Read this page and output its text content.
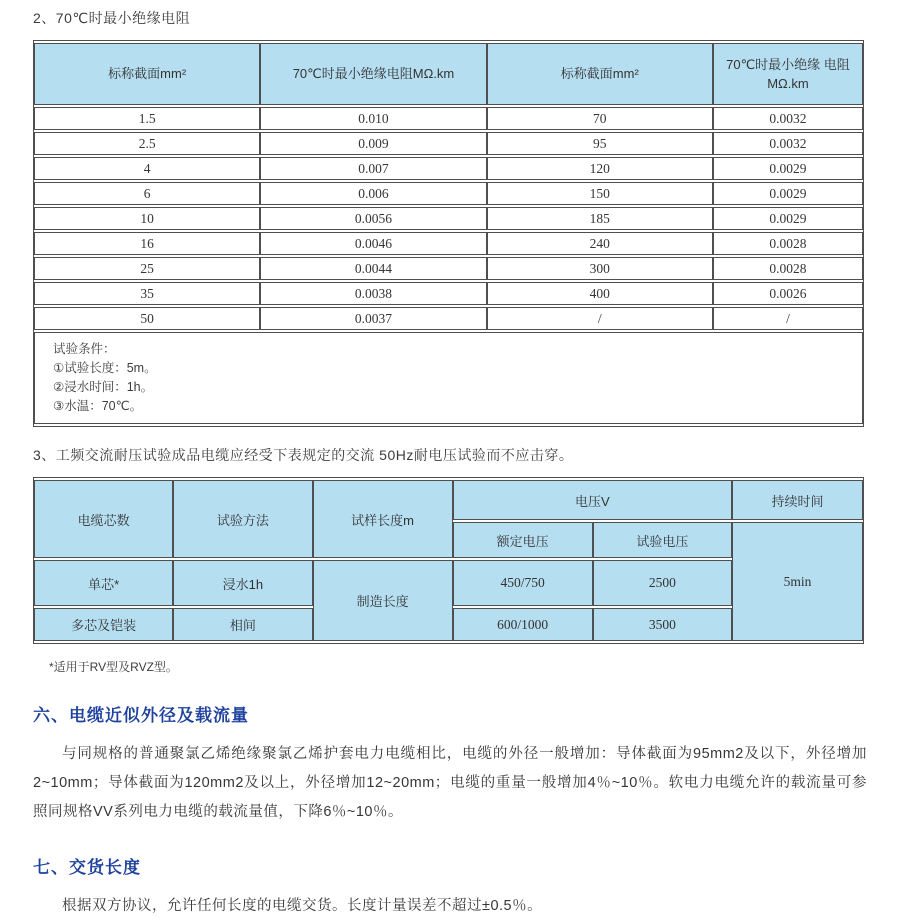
2、70℃时最小绝缘电阻
标称截面mm²	70℃时最小绝缘电阻MΩ.km	标称截面mm²	70℃时最小绝缘 电阻MΩ.km
1.5	0.010	70	0.0032
2.5	0.009	95	0.0032
4	0.007	120	0.0029
6	0.006	150	0.0029
10	0.0056	185	0.0029
16	0.0046	240	0.0028
25	0.0044	300	0.0028
35	0.0038	400	0.0026
50	0.0037	/	/

试验条件：
①试验长度：5m。
②浸水时间：1h。
③水温：70℃。			
3、工频交流耐压试验成品电缆应经受下表规定的交流 50Hz耐电压试验而不应击穿。
电缆芯数	试验方法	试样长度m	电压V		持续时间
			额定电压	试验电压	5min
单芯*	浸水1h	制造长度	450/750	2500	
多芯及铠装	相间		600/1000	3500	
*适用于RV型及RVZ型。
六、电缆近似外径及载流量

与同规格的普通聚氯乙烯绝缘聚氯乙烯护套电力电缆相比，电缆的外径一般增加：导体截面为95mm2及以下，外径增加2~10mm；导体截面为120mm2及以上，外径增加12~20mm；电缆的重量一般增加4％~10％。软电力电缆允许的载流量可参照同规格VV系列电力电缆的载流量值，下降6％~10％。

七、交货长度

根据双方协议，允许任何长度的电缆交货。长度计量误差不超过±0.5％。
